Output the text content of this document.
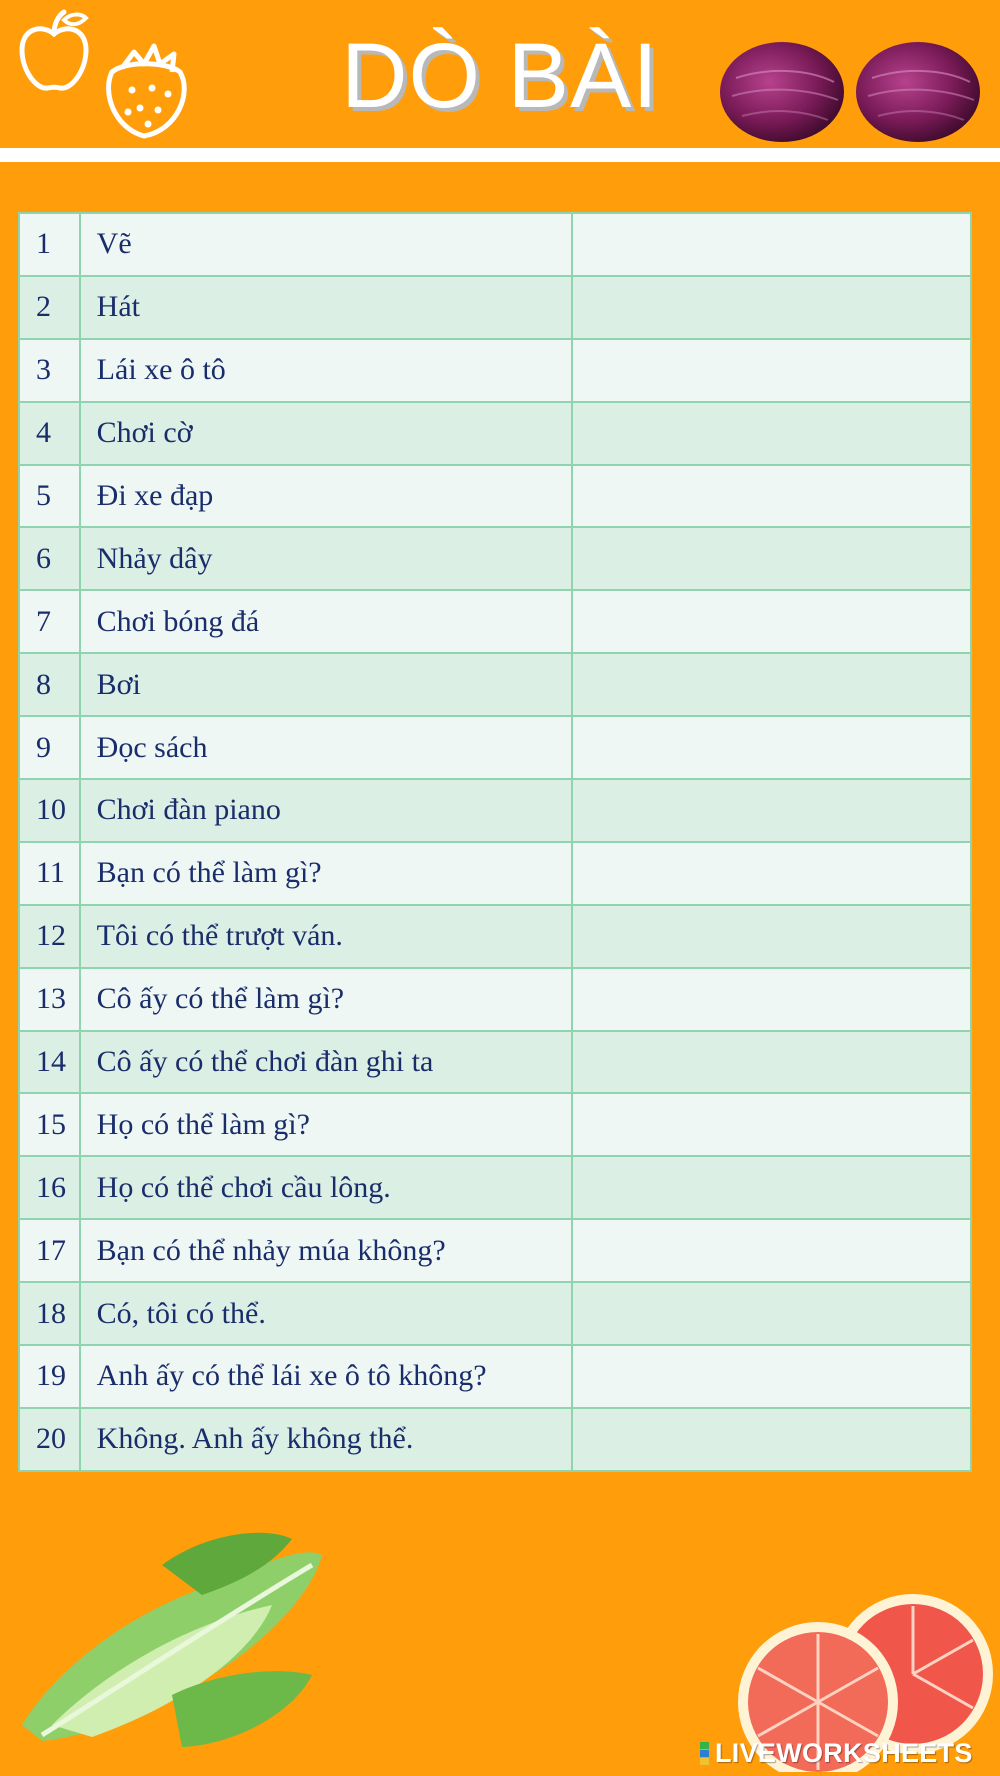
DÒ BÀI
1	Vẽ	
2	Hát	
3	Lái xe ô tô	
4	Chơi cờ	
5	Đi xe đạp	
6	Nhảy dây	
7	Chơi bóng đá	
8	Bơi	
9	Đọc sách	
10	Chơi đàn piano	
11	Bạn có thể làm gì?	
12	Tôi có thể trượt ván.	
13	Cô ấy có thể làm gì?	
14	Cô ấy có thể chơi đàn ghi ta	
15	Họ có thể làm gì?	
16	Họ có thể chơi cầu lông.	
17	Bạn có thể nhảy múa không?	
18	Có, tôi có thể.	
19	Anh ấy có thể lái xe ô tô không?	
20	Không. Anh ấy không thể.	
LIVEWORKSHEETS
